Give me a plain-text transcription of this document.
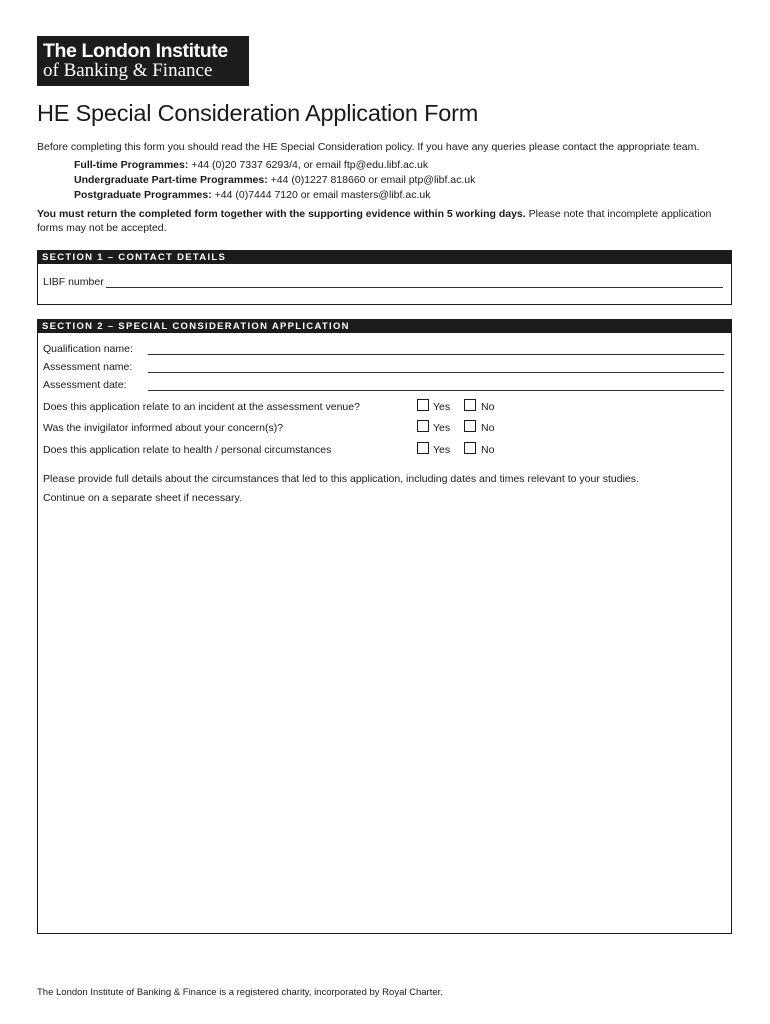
The London Institute
of Banking & Finance
HE Special Consideration Application Form
Before completing this form you should read the HE Special Consideration policy. If you have any queries please contact the appropriate team.
Full-time Programmes: +44 (0)20 7337 6293/4, or email ftp@edu.libf.ac.uk
Undergraduate Part-time Programmes: +44 (0)1227 818660 or email ptp@libf.ac.uk
Postgraduate Programmes: +44 (0)7444 7120 or email masters@libf.ac.uk
You must return the completed form together with the supporting evidence within 5 working days. Please note that incomplete application forms may not be accepted.
SECTION 1 – CONTACT DETAILS
LIBF number
SECTION 2 – SPECIAL CONSIDERATION APPLICATION
Qualification name:
Assessment name:
Assessment date:
Does this application relate to an incident at the assessment venue?	Yes	No
Was the invigilator informed about your concern(s)?	Yes	No
Does this application relate to health / personal circumstances	Yes	No
Please provide full details about the circumstances that led to this application, including dates and times relevant to your studies.
Continue on a separate sheet if necessary.
The London Institute of Banking & Finance is a registered charity, incorporated by Royal Charter.
